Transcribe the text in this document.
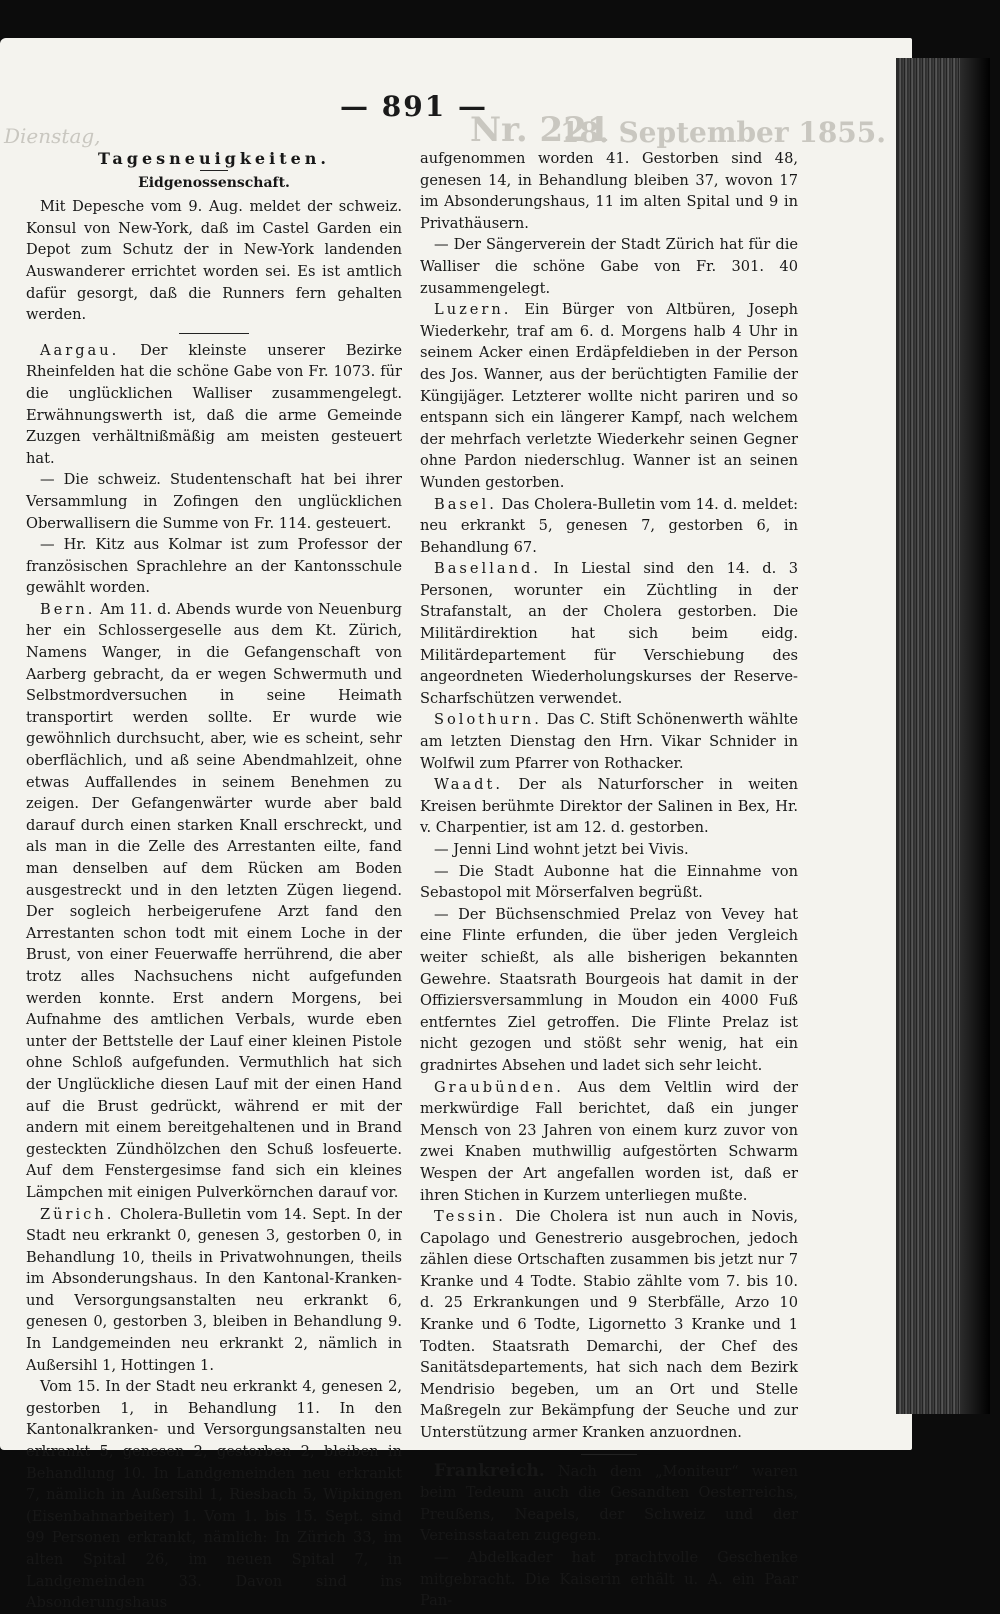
Dienstag,	Nr. 221
18. September 1855.
— 891 —
Tagesneuigkeiten.
Eidgenossenschaft.

Mit Depesche vom 9. Aug. meldet der schweiz. Konsul von New-York, daß im Castel Garden ein Depot zum Schutz der in New-York landenden Auswanderer errichtet worden sei. Es ist amtlich dafür gesorgt, daß die Runners fern gehalten werden.

Aargau. Der kleinste unserer Bezirke Rheinfelden hat die schöne Gabe von Fr. 1073. für die unglücklichen Walliser zusammengelegt. Erwähnungswerth ist, daß die arme Gemeinde Zuzgen verhältnißmäßig am meisten gesteuert hat.

— Die schweiz. Studentenschaft hat bei ihrer Versammlung in Zofingen den unglücklichen Oberwallisern die Summe von Fr. 114. gesteuert.

— Hr. Kitz aus Kolmar ist zum Professor der französischen Sprachlehre an der Kantonsschule gewählt worden.

Bern. Am 11. d. Abends wurde von Neuenburg her ein Schlossergeselle aus dem Kt. Zürich, Namens Wanger, in die Gefangenschaft von Aarberg gebracht, da er wegen Schwermuth und Selbstmordversuchen in seine Heimath transportirt werden sollte. Er wurde wie gewöhnlich durchsucht, aber, wie es scheint, sehr oberflächlich, und aß seine Abendmahlzeit, ohne etwas Auffallendes in seinem Benehmen zu zeigen. Der Gefangenwärter wurde aber bald darauf durch einen starken Knall erschreckt, und als man in die Zelle des Arrestanten eilte, fand man denselben auf dem Rücken am Boden ausgestreckt und in den letzten Zügen liegend. Der sogleich herbeigerufene Arzt fand den Arrestanten schon todt mit einem Loche in der Brust, von einer Feuerwaffe herrührend, die aber trotz alles Nachsuchens nicht aufgefunden werden konnte. Erst andern Morgens, bei Aufnahme des amtlichen Verbals, wurde eben unter der Bettstelle der Lauf einer kleinen Pistole ohne Schloß aufgefunden. Vermuthlich hat sich der Unglückliche diesen Lauf mit der einen Hand auf die Brust gedrückt, während er mit der andern mit einem bereitgehaltenen und in Brand gesteckten Zündhölzchen den Schuß losfeuerte. Auf dem Fenstergesimse fand sich ein kleines Lämpchen mit einigen Pulverkörnchen darauf vor.

Zürich. Cholera-Bulletin vom 14. Sept. In der Stadt neu erkrankt 0, genesen 3, gestorben 0, in Behandlung 10, theils in Privatwohnungen, theils im Absonderungshaus. In den Kantonal-Kranken- und Versorgungsanstalten neu erkrankt 6, genesen 0, gestorben 3, bleiben in Behandlung 9. In Landgemeinden neu erkrankt 2, nämlich in Außersihl 1, Hottingen 1.

Vom 15. In der Stadt neu erkrankt 4, genesen 2, gestorben 1, in Behandlung 11. In den Kantonalkranken- und Versorgungsanstalten neu erkrankt 5, genesen 2, gestorben 2, bleiben in Behandlung 10. In Landgemeinden neu erkrankt 7, nämlich in Außersihl 1, Riesbach 5, Wipkingen (Eisenbahnarbeiter) 1. Vom 1. bis 15. Sept. sind 99 Personen erkrankt, nämlich: In Zürich 33, im alten Spital 26, im neuen Spital 7, in Landgemeinden 33. Davon sind ins Absonderungshaus

aufgenommen worden 41. Gestorben sind 48, genesen 14, in Behandlung bleiben 37, wovon 17 im Absonderungshaus, 11 im alten Spital und 9 in Privathäusern.

— Der Sängerverein der Stadt Zürich hat für die Walliser die schöne Gabe von Fr. 301. 40 zusammengelegt.

Luzern. Ein Bürger von Altbüren, Joseph Wiederkehr, traf am 6. d. Morgens halb 4 Uhr in seinem Acker einen Erdäpfeldieben in der Person des Jos. Wanner, aus der berüchtigten Familie der Küngijäger. Letzterer wollte nicht pariren und so entspann sich ein längerer Kampf, nach welchem der mehrfach verletzte Wiederkehr seinen Gegner ohne Pardon niederschlug. Wanner ist an seinen Wunden gestorben.

Basel. Das Cholera-Bulletin vom 14. d. meldet: neu erkrankt 5, genesen 7, gestorben 6, in Behandlung 67.

Baselland. In Liestal sind den 14. d. 3 Personen, worunter ein Züchtling in der Strafanstalt, an der Cholera gestorben. Die Militärdirektion hat sich beim eidg. Militärdepartement für Verschiebung des angeordneten Wiederholungskurses der Reserve-Scharfschützen verwendet.

Solothurn. Das C. Stift Schönenwerth wählte am letzten Dienstag den Hrn. Vikar Schnider in Wolfwil zum Pfarrer von Rothacker.

Waadt. Der als Naturforscher in weiten Kreisen berühmte Direktor der Salinen in Bex, Hr. v. Charpentier, ist am 12. d. gestorben.

— Jenni Lind wohnt jetzt bei Vivis.

— Die Stadt Aubonne hat die Einnahme von Sebastopol mit Mörserfalven begrüßt.

— Der Büchsenschmied Prelaz von Vevey hat eine Flinte erfunden, die über jeden Vergleich weiter schießt, als alle bisherigen bekannten Gewehre. Staatsrath Bourgeois hat damit in der Offiziersversammlung in Moudon ein 4000 Fuß entferntes Ziel getroffen. Die Flinte Prelaz ist nicht gezogen und stößt sehr wenig, hat ein gradnirtes Absehen und ladet sich sehr leicht.

Graubünden. Aus dem Veltlin wird der merkwürdige Fall berichtet, daß ein junger Mensch von 23 Jahren von einem kurz zuvor von zwei Knaben muthwillig aufgestörten Schwarm Wespen der Art angefallen worden ist, daß er ihren Stichen in Kurzem unterliegen mußte.

Tessin. Die Cholera ist nun auch in Novis, Capolago und Genestrerio ausgebrochen, jedoch zählen diese Ortschaften zusammen bis jetzt nur 7 Kranke und 4 Todte. Stabio zählte vom 7. bis 10. d. 25 Erkrankungen und 9 Sterbfälle, Arzo 10 Kranke und 6 Todte, Ligornetto 3 Kranke und 1 Todten. Staatsrath Demarchi, der Chef des Sanitätsdepartements, hat sich nach dem Bezirk Mendrisio begeben, um an Ort und Stelle Maßregeln zur Bekämpfung der Seuche und zur Unterstützung armer Kranken anzuordnen.

Frankreich. Nach dem „Moniteur“ waren beim Tedeum auch die Gesandten Oesterreichs, Preußens, Neapels, der Schweiz und der Vereinsstaaten zugegen.

— Abdelkader hat prachtvolle Geschenke mitgebracht. Die Kaiserin erhält u. A. ein Paar Pan-
